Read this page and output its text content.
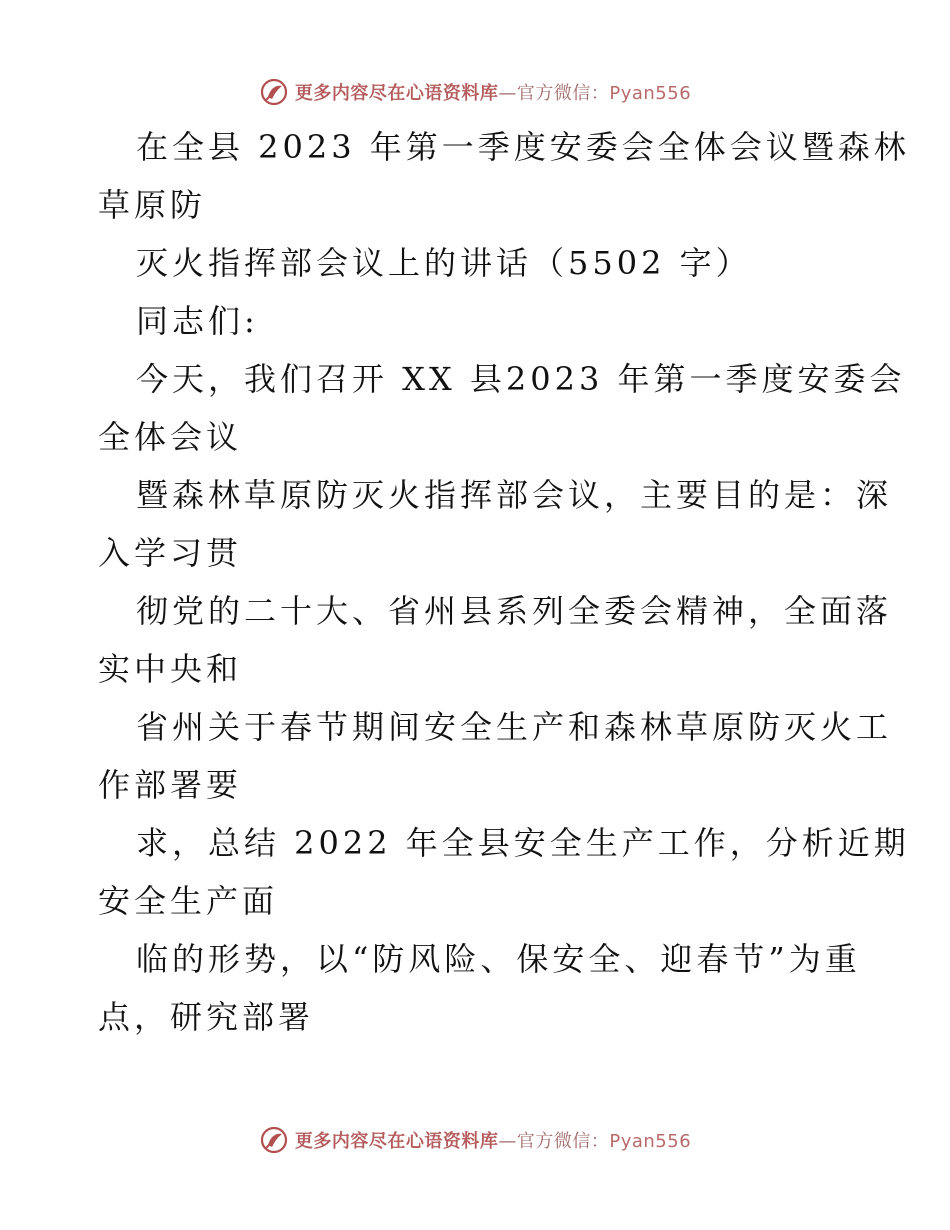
更多内容尽在心语资料库—官方微信：Pyan556
在全县 2023 年第一季度安委会全体会议暨森林
草原防
灭火指挥部会议上的讲话（5502 字）
同志们:
今天，我们召开 XX 县2023 年第一季度安委会
全体会议
暨森林草原防灭火指挥部会议，主要目的是：深
入学习贯
彻党的二十大、省州县系列全委会精神，全面落
实中央和
省州关于春节期间安全生产和森林草原防灭火工
作部署要
求，总结 2022 年全县安全生产工作，分析近期
安全生产面
临的形势，以“防风险、保安全、迎春节”为重
点，研究部署
更多内容尽在心语资料库—官方微信：Pyan556
